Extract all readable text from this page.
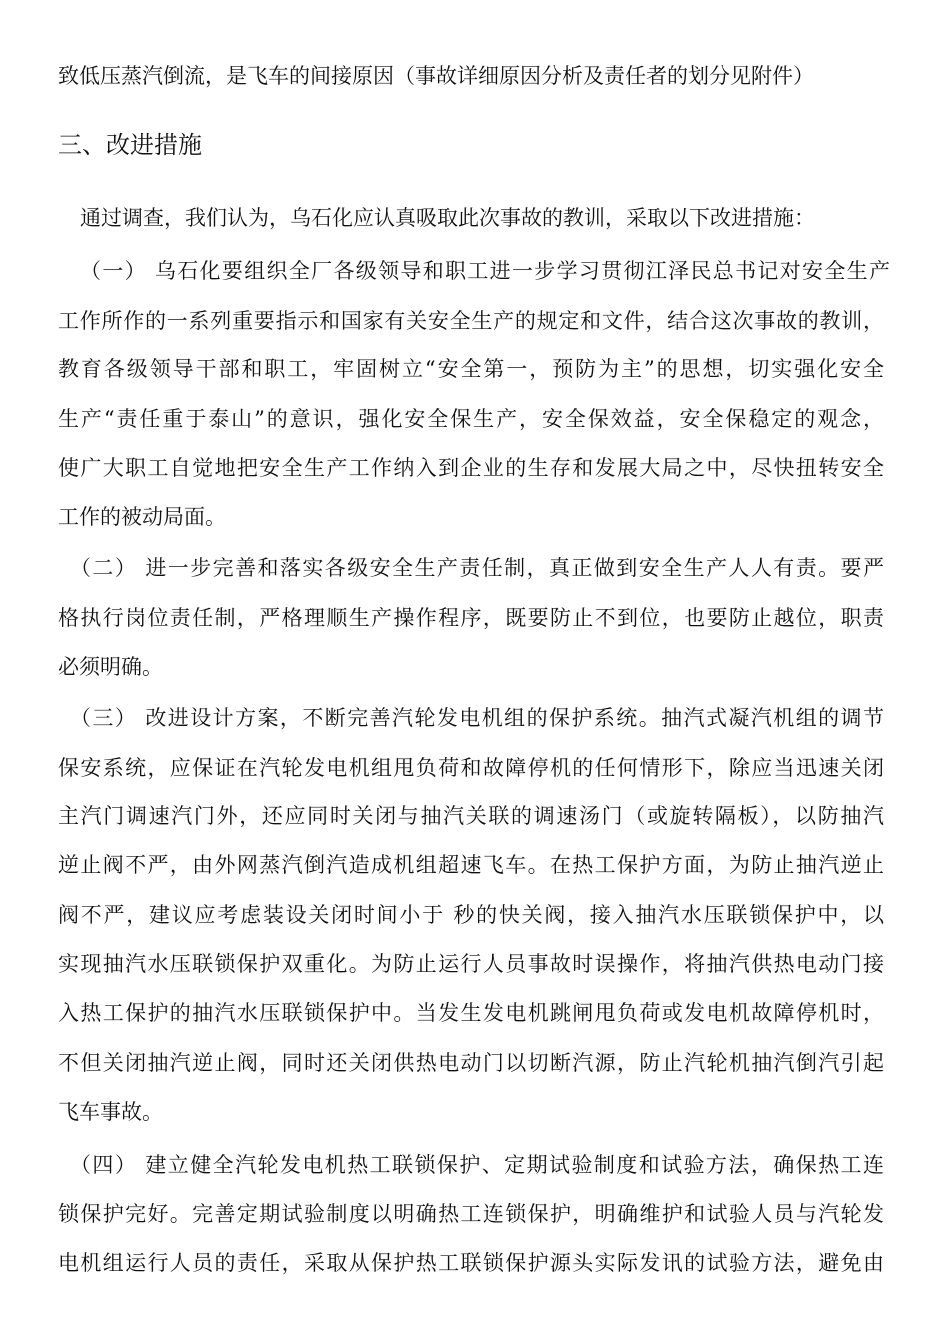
致低压蒸汽倒流，是飞车的间接原因（事故详细原因分析及责任者的划分见附件）

三、改进措施

通过调查，我们认为，乌石化应认真吸取此次事故的教训，采取以下改进措施：

（一） 乌石化要组织全厂各级领导和职工进一步学习贯彻江泽民总书记对安全生产

工作所作的一系列重要指示和国家有关安全生产的规定和文件，结合这次事故的教训，

教育各级领导干部和职工，牢固树立“安全第一，预防为主”的思想，切实强化安全

生产“责任重于泰山”的意识，强化安全保生产，安全保效益，安全保稳定的观念，

使广大职工自觉地把安全生产工作纳入到企业的生存和发展大局之中，尽快扭转安全

工作的被动局面。

（二） 进一步完善和落实各级安全生产责任制，真正做到安全生产人人有责。要严

格执行岗位责任制，严格理顺生产操作程序，既要防止不到位，也要防止越位，职责

必须明确。

（三） 改进设计方案，不断完善汽轮发电机组的保护系统。抽汽式凝汽机组的调节

保安系统，应保证在汽轮发电机组甩负荷和故障停机的任何情形下，除应当迅速关闭

主汽门调速汽门外，还应同时关闭与抽汽关联的调速汤门（或旋转隔板），以防抽汽

逆止阀不严，由外网蒸汽倒汽造成机组超速飞车。在热工保护方面，为防止抽汽逆止

阀不严，建议应考虑装设关闭时间小于 秒的快关阀，接入抽汽水压联锁保护中，以

实现抽汽水压联锁保护双重化。为防止运行人员事故时误操作，将抽汽供热电动门接

入热工保护的抽汽水压联锁保护中。当发生发电机跳闸甩负荷或发电机故障停机时，

不但关闭抽汽逆止阀，同时还关闭供热电动门以切断汽源，防止汽轮机抽汽倒汽引起

飞车事故。

（四） 建立健全汽轮发电机热工联锁保护、定期试验制度和试验方法，确保热工连

锁保护完好。完善定期试验制度以明确热工连锁保护，明确维护和试验人员与汽轮发

电机组运行人员的责任，采取从保护热工联锁保护源头实际发讯的试验方法，避免由
